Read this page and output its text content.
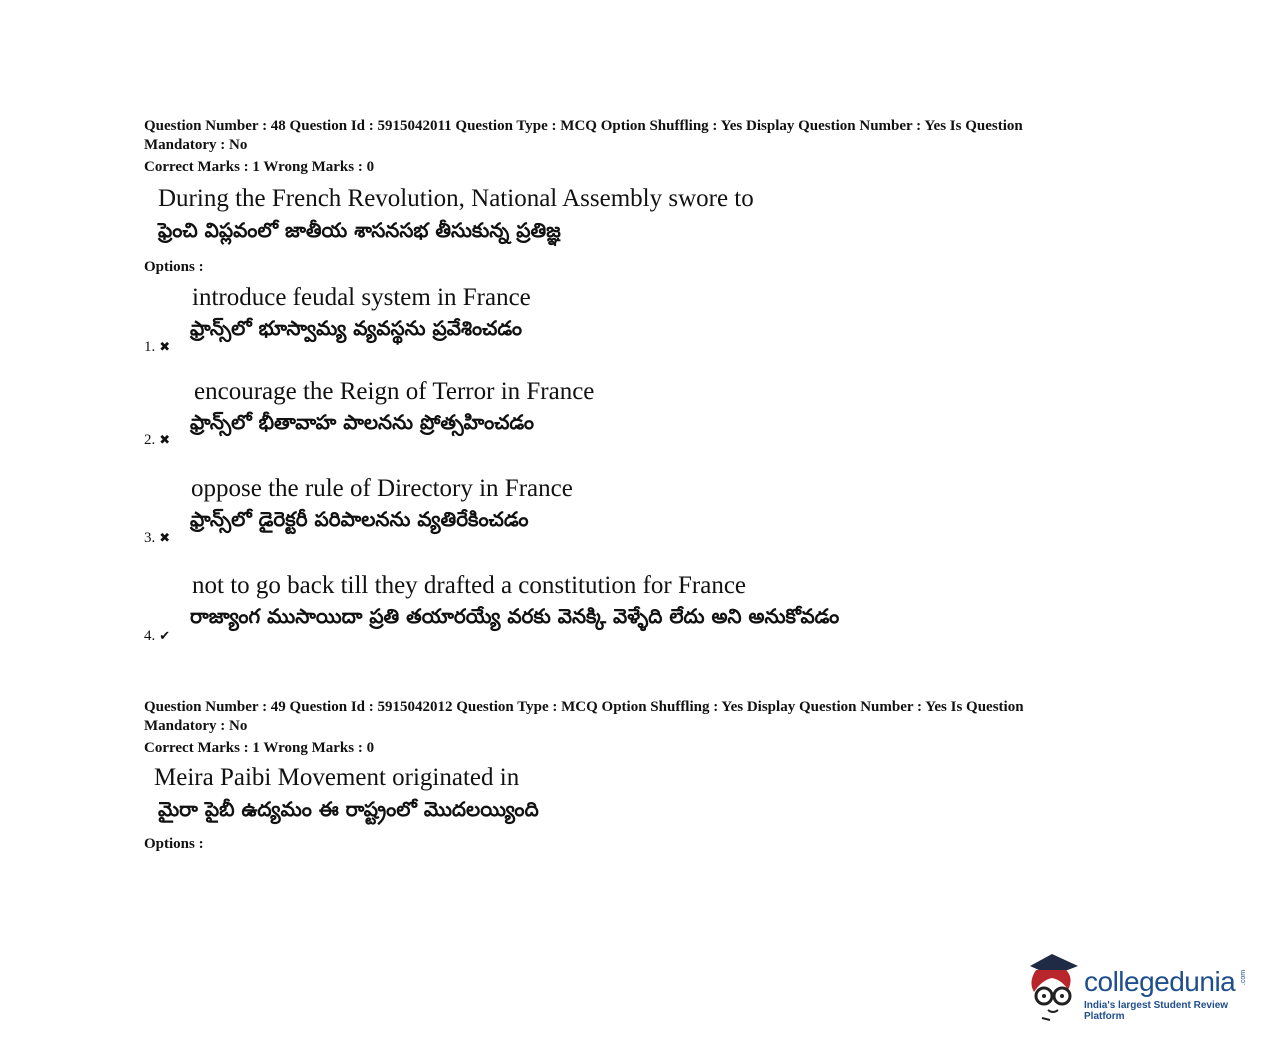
Question Number : 48 Question Id : 5915042011 Question Type : MCQ Option Shuffling : Yes Display Question Number : Yes Is Question
Mandatory : No
Correct Marks : 1 Wrong Marks : 0
During the French Revolution, National Assembly swore to
ఫ్రెంచి విప్లవంలో జాతీయ శాసనసభ తీసుకున్న ప్రతిజ్ఞ
Options :
introduce feudal system in France
ఫ్రాన్స్‌లో భూస్వామ్య వ్యవస్థను ప్రవేశించడం
1. ✖
encourage the Reign of Terror in France
ఫ్రాన్స్‌లో భీతావాహ పాలనను ప్రోత్సహించడం
2. ✖
oppose the rule of Directory in France
ఫ్రాన్స్‌లో డైరెక్టరీ పరిపాలనను వ్యతిరేకించడం
3. ✖
not to go back till they drafted a constitution for France
రాజ్యాంగ ముసాయిదా ప్రతి తయారయ్యే వరకు వెనక్కి వెళ్ళేది లేదు అని అనుకోవడం
4. ✔
Question Number : 49 Question Id : 5915042012 Question Type : MCQ Option Shuffling : Yes Display Question Number : Yes Is Question
Mandatory : No
Correct Marks : 1 Wrong Marks : 0
Meira Paibi Movement originated in
మైరా పైబీ ఉద్యమం ఈ రాష్ట్రంలో మొదలయ్యింది
Options :
collegedunia .com
India's largest Student Review Platform
